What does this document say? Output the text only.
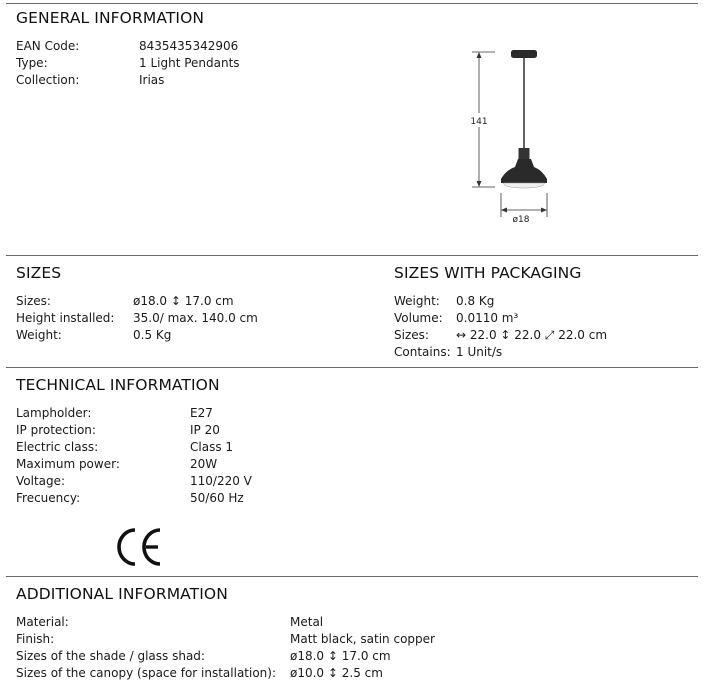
GENERAL INFORMATION
EAN Code:	8435435342906
Type:	1 Light Pendants
Collection:	Irias
141
ø18
SIZES	SIZES WITH PACKAGING
Sizes:	ø18.0 ↕ 17.0 cm
Height installed: 35.0/ max. 140.0 cm
Weight:	0.5 Kg
Weight: 0.8 Kg
Volume: 0.0110 m³
Sizes: ↔ 22.0 ↕ 22.0 ⤢ 22.0 cm
Contains: 1 Unit/s
TECHNICAL INFORMATION
Lampholder:	E27
IP protection:	IP 20
Electric class:	Class 1
Maximum power:	20W
Voltage:	110/220 V
Frecuency:	50/60 Hz
ADDITIONAL INFORMATION
Material:	Metal
Finish:	Matt black, satin copper
Sizes of the shade / glass shad:	ø18.0 ↕ 17.0 cm
Sizes of the canopy (space for installation): ø10.0 ↕ 2.5 cm
